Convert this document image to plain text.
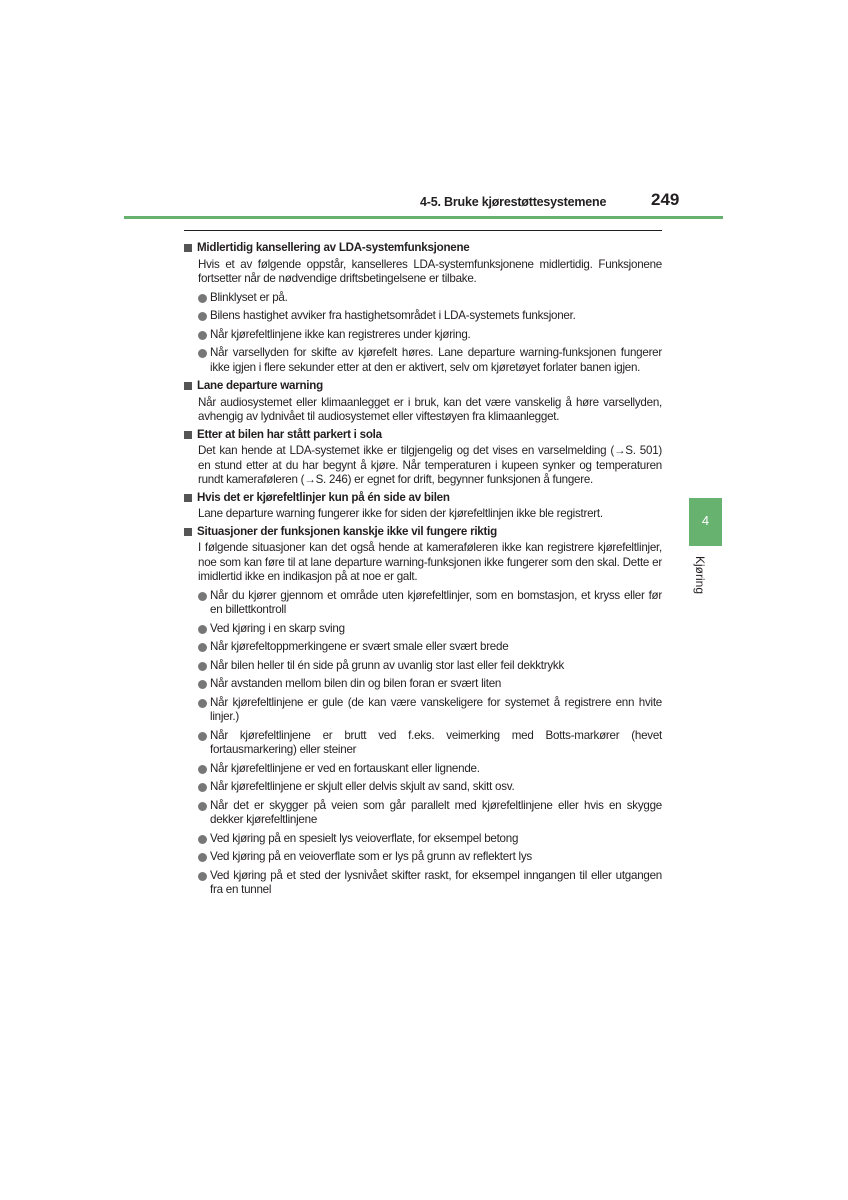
4-5. Bruke kjørestøttesystemene	249
4
Kjøring
Midlertidig kansellering av LDA-systemfunksjonene
Hvis et av følgende oppstår, kanselleres LDA-systemfunksjonene midlertidig. Funksjonene fortsetter når de nødvendige driftsbetingelsene er tilbake.
Blinklyset er på.
Bilens hastighet avviker fra hastighetsområdet i LDA-systemets funksjoner.
Når kjørefeltlinjene ikke kan registreres under kjøring.
Når varsellyden for skifte av kjørefelt høres. Lane departure warning-funksjonen fungerer ikke igjen i flere sekunder etter at den er aktivert, selv om kjøretøyet forlater banen igjen.
Lane departure warning
Når audiosystemet eller klimaanlegget er i bruk, kan det være vanskelig å høre varsellyden, avhengig av lydnivået til audiosystemet eller viftestøyen fra klimaanlegget.
Etter at bilen har stått parkert i sola
Det kan hende at LDA-systemet ikke er tilgjengelig og det vises en varselmelding (→S. 501) en stund etter at du har begynt å kjøre. Når temperaturen i kupeen synker og temperaturen rundt kameraføleren (→S. 246) er egnet for drift, begynner funksjonen å fungere.
Hvis det er kjørefeltlinjer kun på én side av bilen
Lane departure warning fungerer ikke for siden der kjørefeltlinjen ikke ble registrert.
Situasjoner der funksjonen kanskje ikke vil fungere riktig
I følgende situasjoner kan det også hende at kameraføleren ikke kan registrere kjørefeltlinjer, noe som kan føre til at lane departure warning-funksjonen ikke fungerer som den skal. Dette er imidlertid ikke en indikasjon på at noe er galt.
Når du kjører gjennom et område uten kjørefeltlinjer, som en bomstasjon, et kryss eller før en billettkontroll
Ved kjøring i en skarp sving
Når kjørefeltoppmerkingene er svært smale eller svært brede
Når bilen heller til én side på grunn av uvanlig stor last eller feil dekktrykk
Når avstanden mellom bilen din og bilen foran er svært liten
Når kjørefeltlinjene er gule (de kan være vanskeligere for systemet å registrere enn hvite linjer.)
Når kjørefeltlinjene er brutt ved f.eks. veimerking med Botts-markører (hevet fortausmarkering) eller steiner
Når kjørefeltlinjene er ved en fortauskant eller lignende.
Når kjørefeltlinjene er skjult eller delvis skjult av sand, skitt osv.
Når det er skygger på veien som går parallelt med kjørefeltlinjene eller hvis en skygge dekker kjørefeltlinjene
Ved kjøring på en spesielt lys veioverflate, for eksempel betong
Ved kjøring på en veioverflate som er lys på grunn av reflektert lys
Ved kjøring på et sted der lysnivået skifter raskt, for eksempel inngangen til eller utgangen fra en tunnel
